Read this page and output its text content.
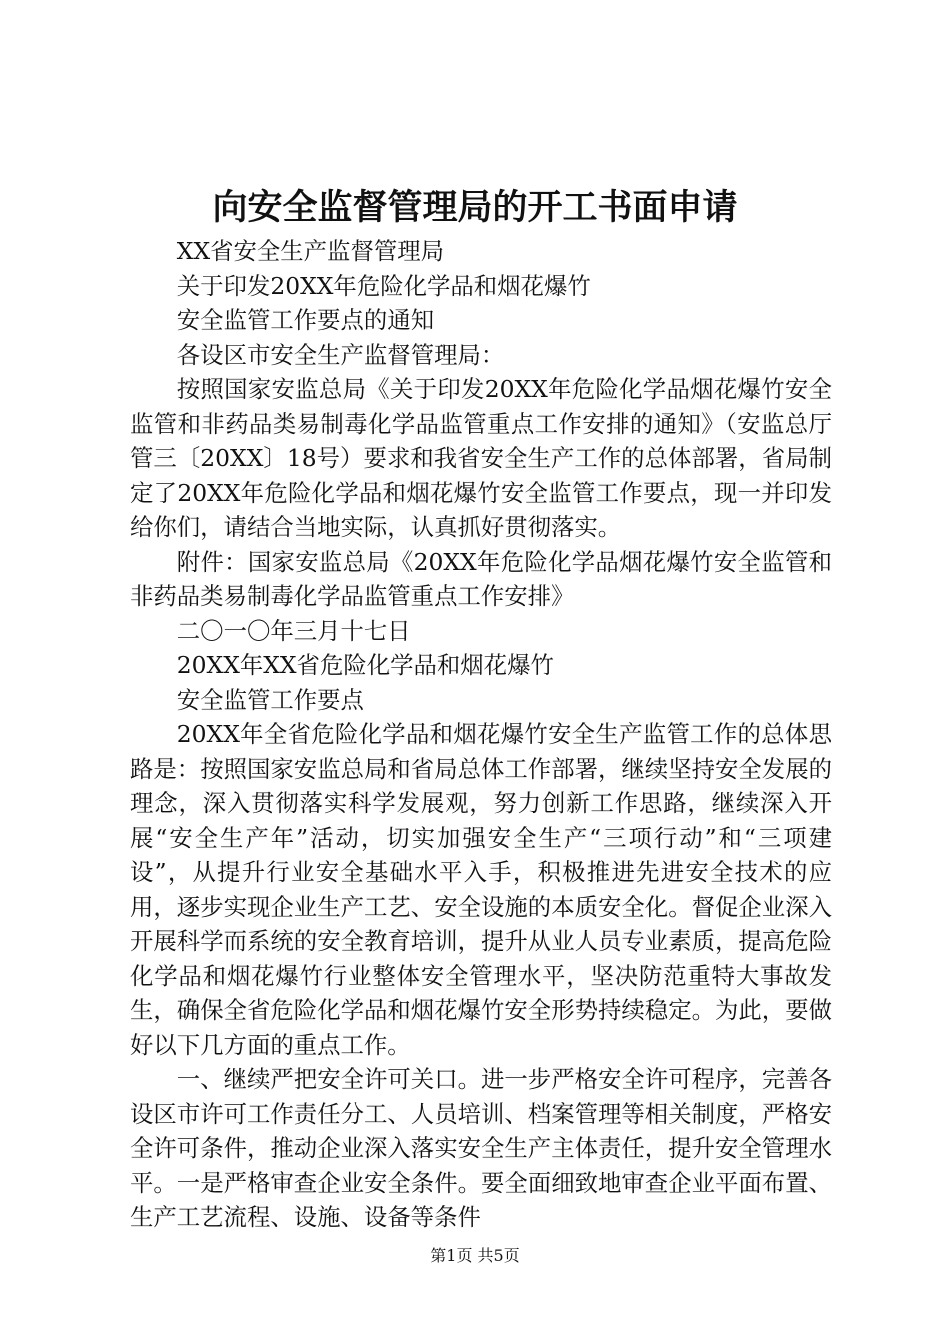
向安全监督管理局的开工书面申请

XX省安全生产监督管理局

关于印发20XX年危险化学品和烟花爆竹

安全监管工作要点的通知

各设区市安全生产监督管理局：

按照国家安监总局《关于印发20XX年危险化学品烟花爆竹安全监管和非药品类易制毒化学品监管重点工作安排的通知》（安监总厅管三〔20XX〕18号）要求和我省安全生产工作的总体部署，省局制定了20XX年危险化学品和烟花爆竹安全监管工作要点，现一并印发给你们，请结合当地实际，认真抓好贯彻落实。

附件：国家安监总局《20XX年危险化学品烟花爆竹安全监管和非药品类易制毒化学品监管重点工作安排》

二〇一〇年三月十七日

20XX年XX省危险化学品和烟花爆竹

安全监管工作要点

20XX年全省危险化学品和烟花爆竹安全生产监管工作的总体思路是：按照国家安监总局和省局总体工作部署，继续坚持安全发展的理念，深入贯彻落实科学发展观，努力创新工作思路，继续深入开展“安全生产年”活动，切实加强安全生产“三项行动”和“三项建设”，从提升行业安全基础水平入手，积极推进先进安全技术的应用，逐步实现企业生产工艺、安全设施的本质安全化。督促企业深入开展科学而系统的安全教育培训，提升从业人员专业素质，提高危险化学品和烟花爆竹行业整体安全管理水平，坚决防范重特大事故发生，确保全省危险化学品和烟花爆竹安全形势持续稳定。为此，要做好以下几方面的重点工作。

一、继续严把安全许可关口。进一步严格安全许可程序，完善各设区市许可工作责任分工、人员培训、档案管理等相关制度，严格安全许可条件，推动企业深入落实安全生产主体责任，提升安全管理水平。一是严格审查企业安全条件。要全面细致地审查企业平面布置、生产工艺流程、设施、设备等条件

第1页 共5页
